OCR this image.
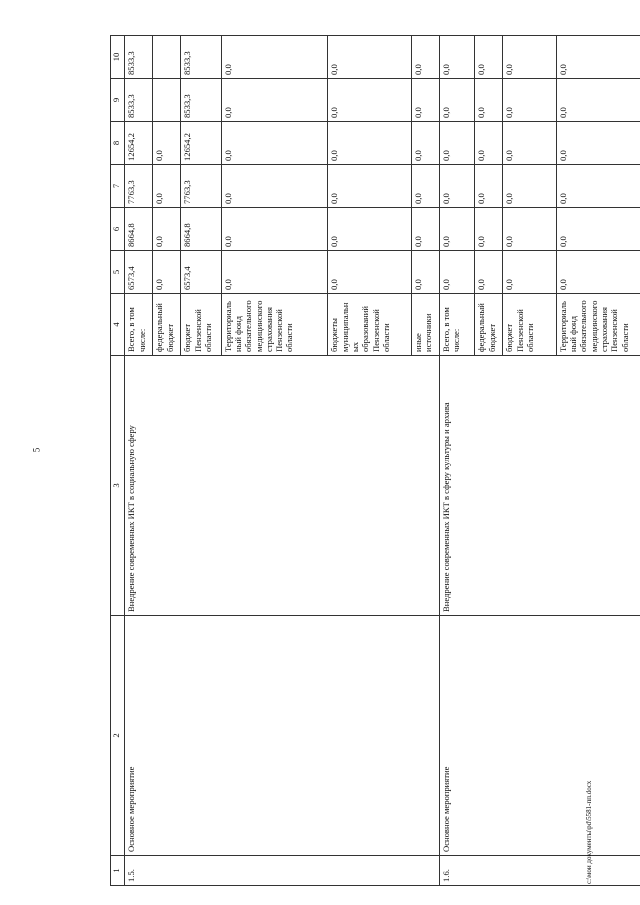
5
1	2	3	4	5	6	7	8	9	10
1.5.	Основное мероприятие	Внедрение современных ИКТ в социальную сферу	Всего, в том числе:	6573,4	8664,8	7763,3	12654,2	8533,3	8533,3
			федеральный бюджет	0,0	0,0	0,0	0,0		
			бюджет Пензенской области	6573,4	8664,8	7763,3	12654,2	8533,3	8533,3
			Территориальный фонд обязательного медицинского страхования Пензенской области	0,0	0,0	0,0	0,0	0,0	0,0
			бюджеты муниципальных образований Пензенской области	0,0	0,0	0,0	0,0	0,0	0,0
			иные источники	0,0	0,0	0,0	0,0	0,0	0,0
1.6.	Основное мероприятие	Внедрение современных ИКТ в сферу культуры и архива	Всего, в том числе:	0,0	0,0	0,0	0,0	0,0	0,0
			федеральный бюджет	0,0	0,0	0,0	0,0	0,0	0,0
			бюджет Пензенской области	0,0	0,0	0,0	0,0	0,0	0,0
			Территориальный фонд обязательного медицинского страхования Пензенской области	0,0	0,0	0,0	0,0	0,0	0,0
c:\мои документы\pd\5581-пп.docx
